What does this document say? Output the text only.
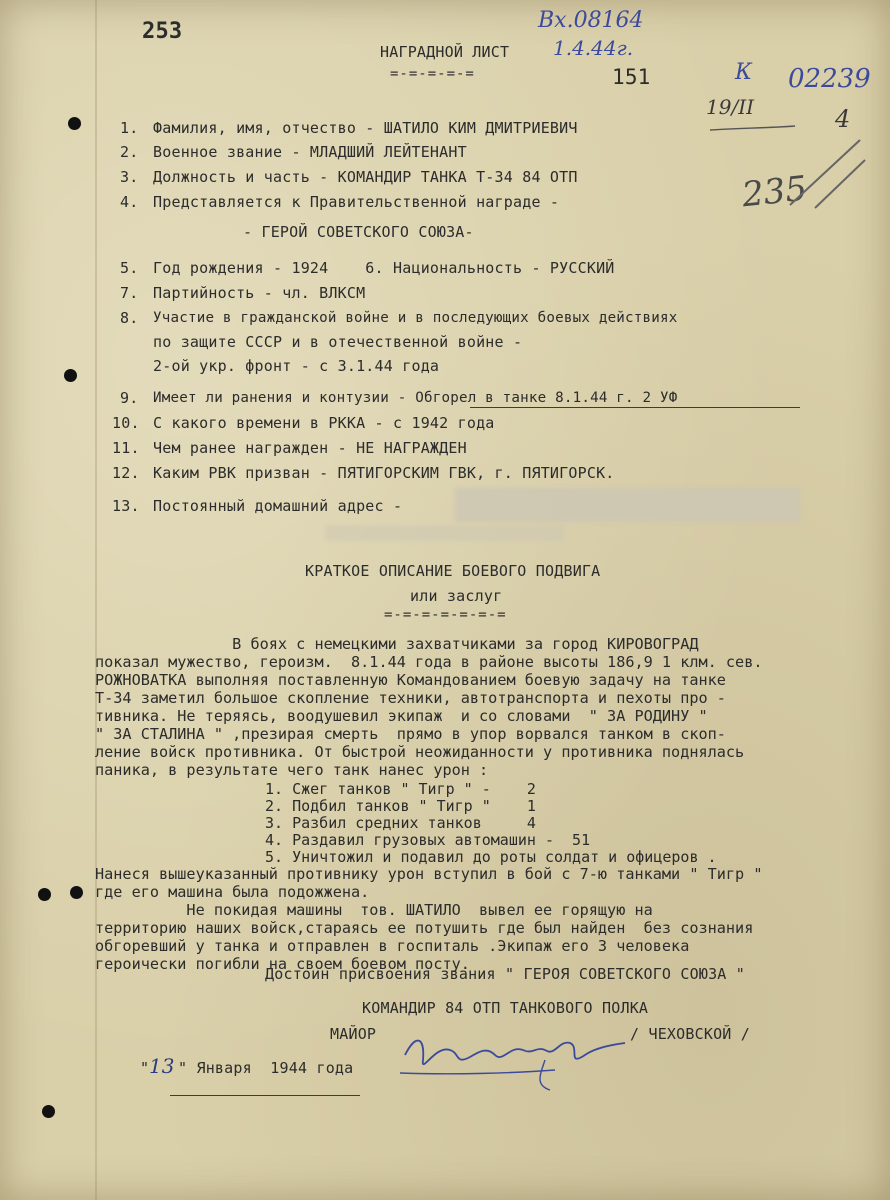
253
НАГРАДНОЙ ЛИСТ
=-=-=-=-=	151
Вх.08164
1.4.44г.
К 02239
19/II	4
235
1. Фамилия, имя, отчество - ШАТИЛО КИМ ДМИТРИЕВИЧ
2. Военное звание - МЛАДШИЙ ЛЕЙТЕНАНТ
3. Должность и часть - КОМАНДИР ТАНКА Т-34 84 ОТП
4. Представляется к Правительственной награде -
- ГЕРОЙ СОВЕТСКОГО СОЮЗА-
5. Год рождения - 1924    6. Национальность - РУССКИЙ
7. Партийность - чл. ВЛКСМ
8. Участие в гражданской войне и в последующих боевых действиях
по защите СССР и в отечественной войне -
2-ой укр. фронт - с 3.1.44 года
9. Имеет ли ранения и контузии - Обгорел в танке 8.1.44 г. 2 УФ
10. С какого времени в РККА - с 1942 года
11. Чем ранее награжден - НЕ НАГРАЖДЕН
12. Каким РВК призван - ПЯТИГОРСКИМ ГВК, г. ПЯТИГОРСК.
13. Постоянный домашний адрес -
КРАТКОЕ ОПИСАНИЕ БОЕВОГО ПОДВИГА
или заслуг
=-=-=-=-=-=-=
В боях с немецкими захватчиками за город КИРОВОГРАД
показал мужество, героизм.  8.1.44 года в районе высоты 186,9 1 клм. сев.
РОЖНОВАТКА выполняя поставленную Командованием боевую задачу на танке
Т-34 заметил большое скопление техники, автотранспорта и пехоты про -
тивника. Не теряясь, воодушевил экипаж  и со словами  " ЗА РОДИНУ "
" ЗА СТАЛИНА " ,презирая смерть  прямо в упор ворвался танком в скоп-
ление войск противника. От быстрой неожиданности у противника поднялась
паника, в результате чего танк нанес урон :
1. Сжег танков " Тигр " -    2
2. Подбил танков " Тигр "    1
3. Разбил средних танков     4
4. Раздавил грузовых автомашин -  51
5. Уничтожил и подавил до роты солдат и офицеров .
Нанеся вышеуказанный противнику урон вступил в бой с 7-ю танками " Тигр "
где его машина была подожжена.
Не покидая машины  тов. ШАТИЛО  вывел ее горящую на
территорию наших войск,стараясь ее потушить где был найден  без сознания
обгоревший у танка и отправлен в госпиталь .Экипаж его 3 человека
героически погибли на своем боевом посту.
Достоин присвоения звания " ГЕРОЯ СОВЕТСКОГО СОЮЗА "
КОМАНДИР 84 ОТП ТАНКОВОГО ПОЛКА
МАЙОР	/ ЧЕХОВСКОЙ /
" 13 " Января  1944 года
